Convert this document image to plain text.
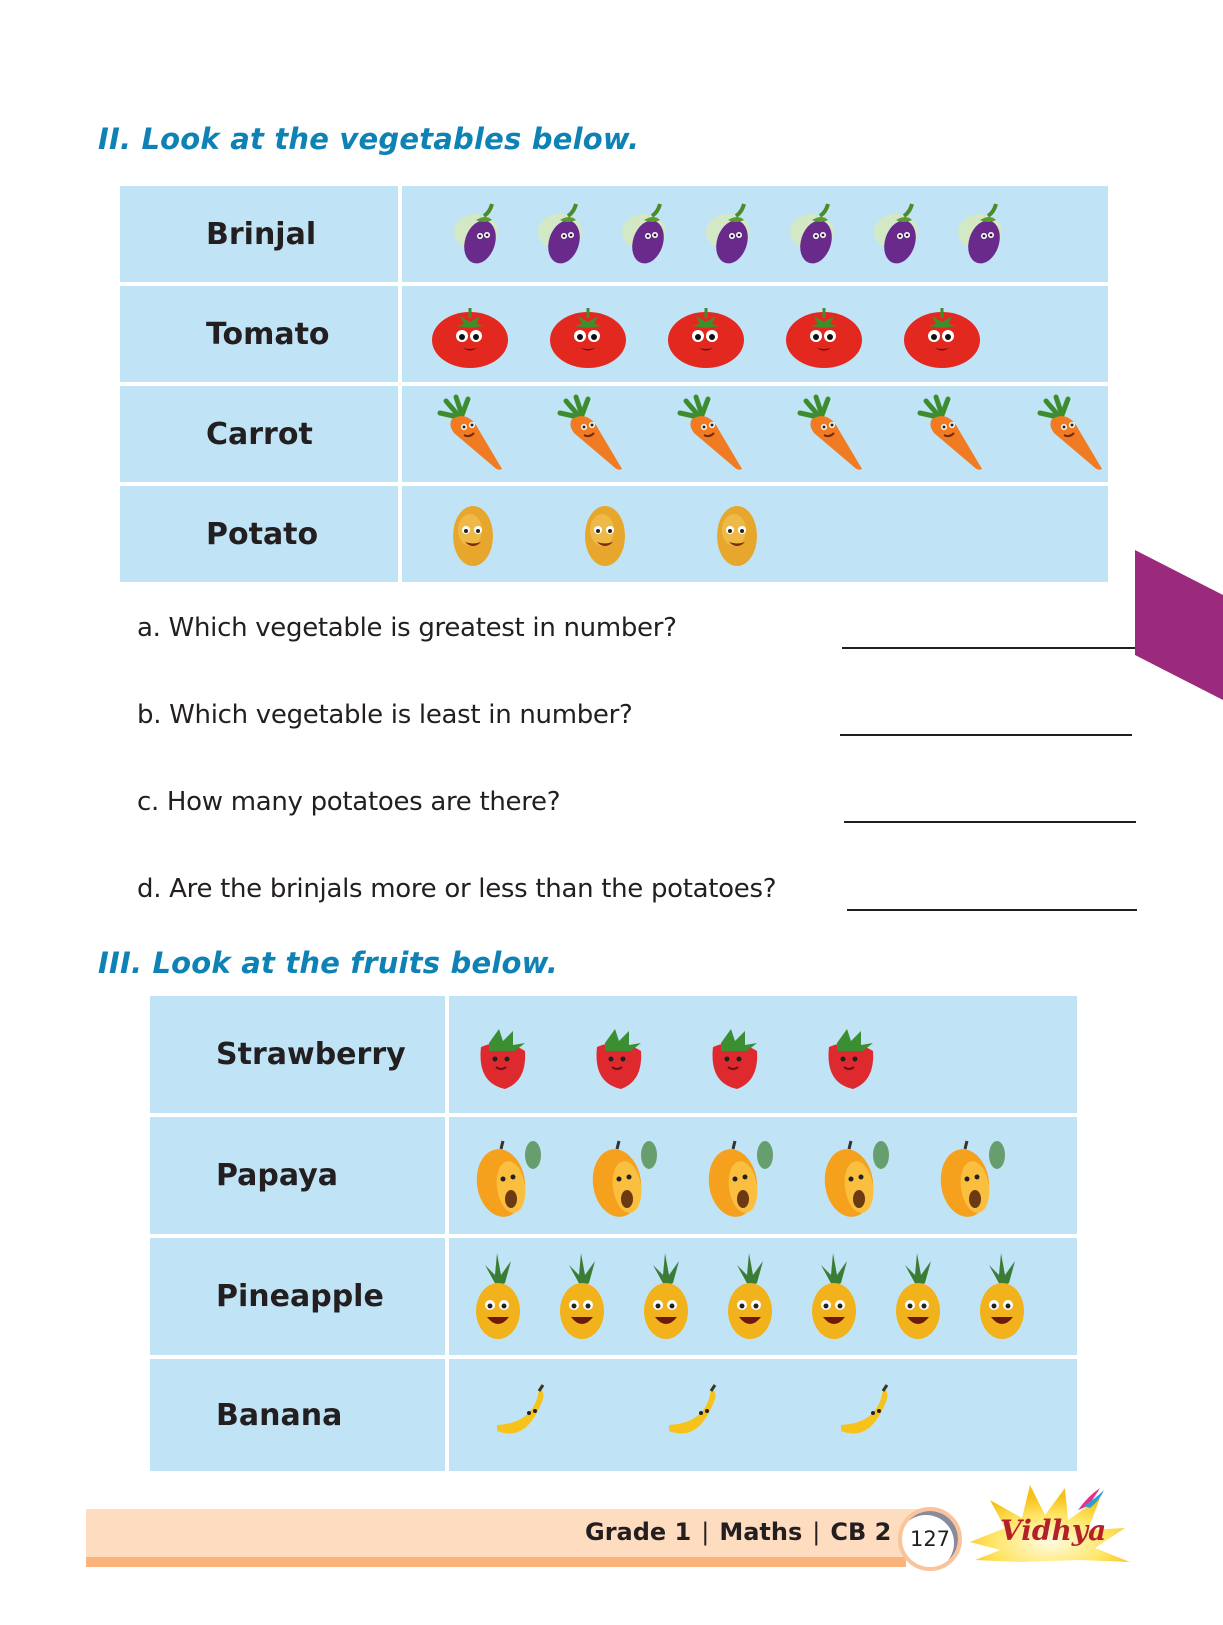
II. Look at the vegetables below.
Brinjal
Tomato
Carrot
Potato
a. Which vegetable is greatest in number?
b. Which vegetable is least in number?
c. How many potatoes are there?
d. Are the brinjals more or less than the potatoes?
III. Look at the fruits below.
Strawberry
Papaya
Pineapple
Banana
Grade 1 | Maths | CB 2 127	Vidhya
